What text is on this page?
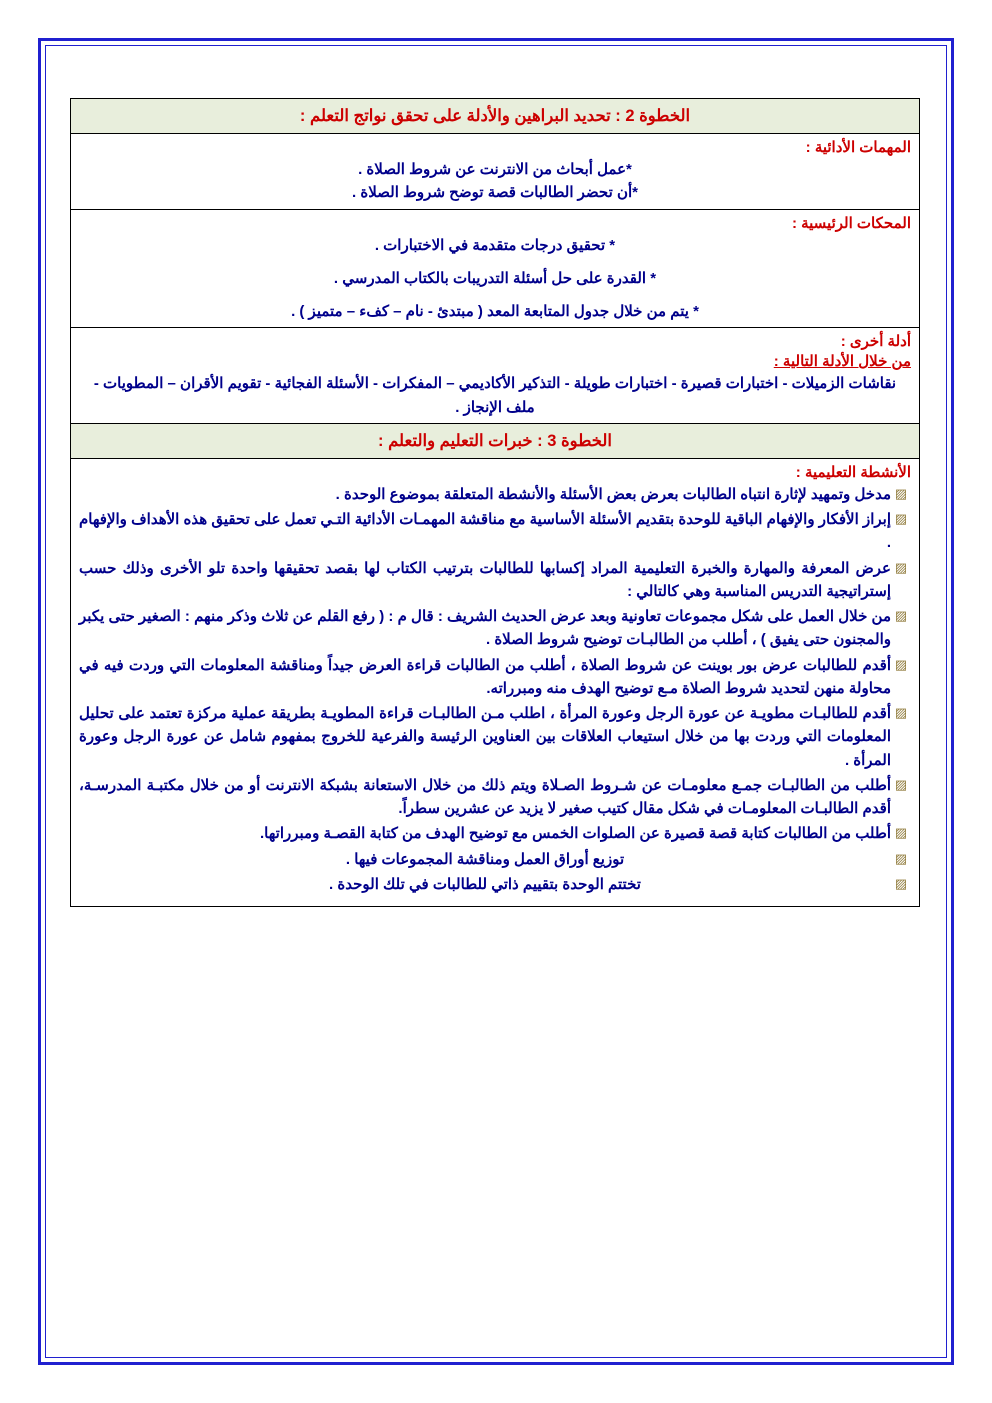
الخطوة 2 : تحديد البراهين والأدلة على تحقق نواتج التعلم :

المهمات الأدائية :
*عمل أبحاث من الانترنت عن شروط الصلاة .
*أن تحضر الطالبات قصة توضح شروط الصلاة .

المحكات الرئيسية :
* تحقيق درجات متقدمة في الاختبارات .
* القدرة على حل أسئلة التدريبات بالكتاب المدرسي .
* يتم من خلال جدول المتابعة المعد ( مبتدئ - نام – كفء – متميز ) .

أدلة أخرى :
من خلال الأدلة التالية :
نقاشات الزميلات - اختبارات قصيرة - اختبارات طويلة - التذكير الأكاديمي – المفكرات - الأسئلة الفجائية - تقويم الأقران – المطويات - ملف الإنجاز .

الخطوة 3 : خبرات التعليم والتعلم :

الأنشطة التعليمية :
▨
مدخل وتمهيد لإثارة انتباه الطالبات بعرض بعض الأسئلة والأنشطة المتعلقة بموضوع الوحدة .
▨
إبراز الأفكار والإفهام الباقية للوحدة بتقديم الأسئلة الأساسية مع مناقشة المهمـات الأدائية التـي تعمل على تحقيق هذه الأهداف والإفهام .
▨
عرض المعرفة والمهارة والخبرة التعليمية المراد إكسابها للطالبات بترتيب الكتاب لها بقصد تحقيقها واحدة تلو الأخرى وذلك حسب إستراتيجية التدريس المناسبة وهي كالتالي :
▨
من خلال العمل على شكل مجموعات تعاونية وبعد عرض الحديث الشريف : قال م : ( رفع القلم عن ثلاث وذكر منهم : الصغير حتى يكبر والمجنون حتى يفيق ) ، أطلب من الطالبـات توضيح شروط الصلاة .
▨
أقدم للطالبات عرض بور بوينت عن شروط الصلاة ، أطلب من الطالبات قراءة العرض جيداً ومناقشة المعلومات التي وردت فيه في محاولة منهن لتحديد شروط الصلاة مـع توضيح الهدف منه ومبرراته.
▨
أقدم للطالبـات مطويـة عن عورة الرجل وعورة المرأة ، اطلب مـن الطالبـات قراءة المطويـة بطريقة عملية مركزة تعتمد على تحليل المعلومات التي وردت بها من خلال استيعاب العلاقات بين العناوين الرئيسة والفرعية للخروج بمفهوم شامل عن عورة الرجل وعورة المرأة .
▨
أطلب من الطالبـات جمـع معلومـات عن شـروط الصـلاة ويتم ذلك من خلال الاستعانة بشبكة الانترنت أو من خلال مكتبـة المدرسـة، أقدم الطالبـات المعلومـات في شكل مقال كتيب صغير لا يزيد عن عشرين سطراً.
▨
أطلب من الطالبات كتابة قصة قصيرة عن الصلوات الخمس مع توضيح الهدف من كتابة القصـة ومبرراتها.
▨
توزيع أوراق العمل ومناقشة المجموعات فيها .
▨
تختتم الوحدة بتقييم ذاتي للطالبات في تلك الوحدة .
